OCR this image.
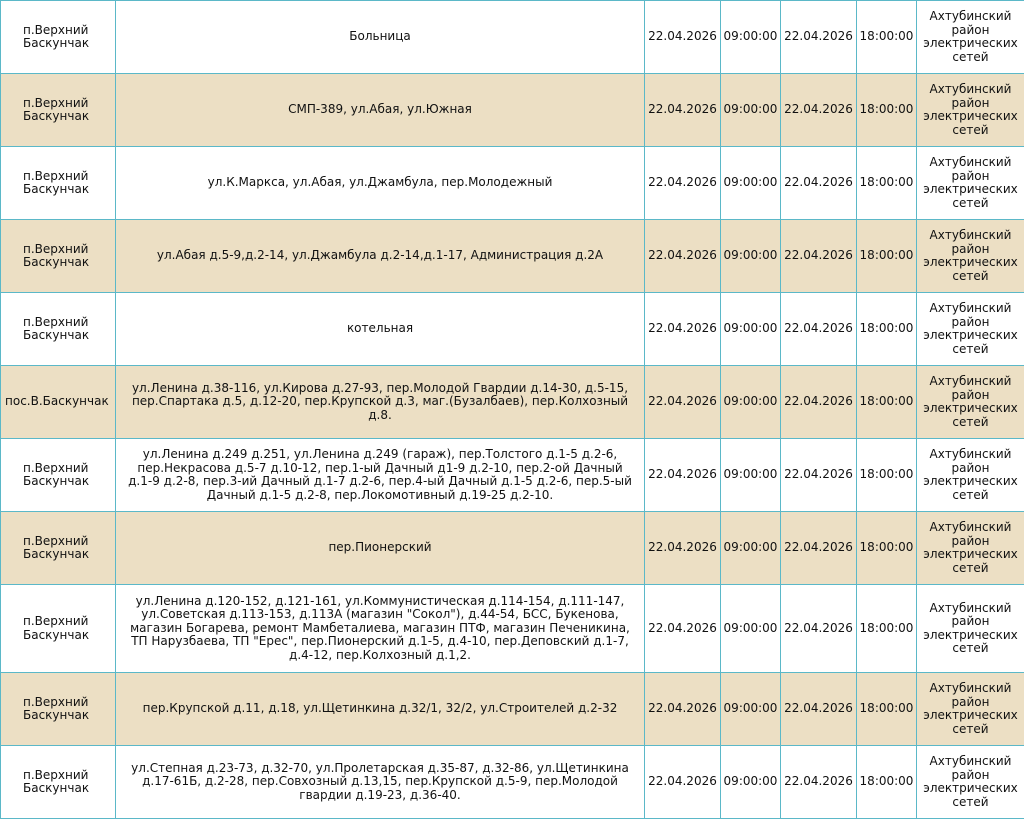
п.Верхний Баскунчак	Больница	22.04.2026	09:00:00	22.04.2026	18:00:00	Ахтубинский район электрических сетей
п.Верхний Баскунчак	СМП-389, ул.Абая, ул.Южная	22.04.2026	09:00:00	22.04.2026	18:00:00	Ахтубинский район электрических сетей
п.Верхний Баскунчак	ул.К.Маркса, ул.Абая, ул.Джамбула, пер.Молодежный	22.04.2026	09:00:00	22.04.2026	18:00:00	Ахтубинский район электрических сетей
п.Верхний Баскунчак	ул.Абая д.5-9,д.2-14, ул.Джамбула д.2-14,д.1-17, Администрация д.2А	22.04.2026	09:00:00	22.04.2026	18:00:00	Ахтубинский район электрических сетей
п.Верхний Баскунчак	котельная	22.04.2026	09:00:00	22.04.2026	18:00:00	Ахтубинский район электрических сетей
пос.В.Баскунчак	ул.Ленина д.38-116, ул.Кирова д.27-93, пер.Молодой Гвардии д.14-30, д.5-15, пер.Спартака д.5, д.12-20, пер.Крупской д.3, маг.(Бузалбаев), пер.Колхозный д.8.	22.04.2026	09:00:00	22.04.2026	18:00:00	Ахтубинский район электрических сетей
п.Верхний Баскунчак	ул.Ленина д.249 д.251, ул.Ленина д.249 (гараж), пер.Толстого д.1-5 д.2-6, пер.Некрасова д.5-7 д.10-12, пер.1-ый Дачный д1-9 д.2-10, пер.2-ой Дачный д.1-9 д.2-8, пер.3-ий Дачный д.1-7 д.2-6, пер.4-ый Дачный д.1-5 д.2-6, пер.5-ый Дачный д.1-5 д.2-8, пер.Локомотивный д.19-25 д.2-10.	22.04.2026	09:00:00	22.04.2026	18:00:00	Ахтубинский район электрических сетей
п.Верхний Баскунчак	пер.Пионерский	22.04.2026	09:00:00	22.04.2026	18:00:00	Ахтубинский район электрических сетей
п.Верхний Баскунчак	ул.Ленина д.120-152, д.121-161, ул.Коммунистическая д.114-154, д.111-147, ул.Советская д.113-153, д.113А (магазин "Сокол"), д.44-54, БСС, Букенова, магазин Богарева, ремонт Мамбеталиева, магазин ПТФ, магазин Печеникина, ТП Нарузбаева, ТП "Ерес", пер.Пионерский д.1-5, д.4-10, пер.Деповский д.1-7, д.4-12, пер.Колхозный д.1,2.	22.04.2026	09:00:00	22.04.2026	18:00:00	Ахтубинский район электрических сетей
п.Верхний Баскунчак	пер.Крупской д.11, д.18, ул.Щетинкина д.32/1, 32/2, ул.Строителей д.2-32	22.04.2026	09:00:00	22.04.2026	18:00:00	Ахтубинский район электрических сетей
п.Верхний Баскунчак	ул.Степная д.23-73, д.32-70, ул.Пролетарская д.35-87, д.32-86, ул.Щетинкина д.17-61Б, д.2-28, пер.Совхозный д.13,15, пер.Крупской д.5-9, пер.Молодой гвардии д.19-23, д.36-40.	22.04.2026	09:00:00	22.04.2026	18:00:00	Ахтубинский район электрических сетей
